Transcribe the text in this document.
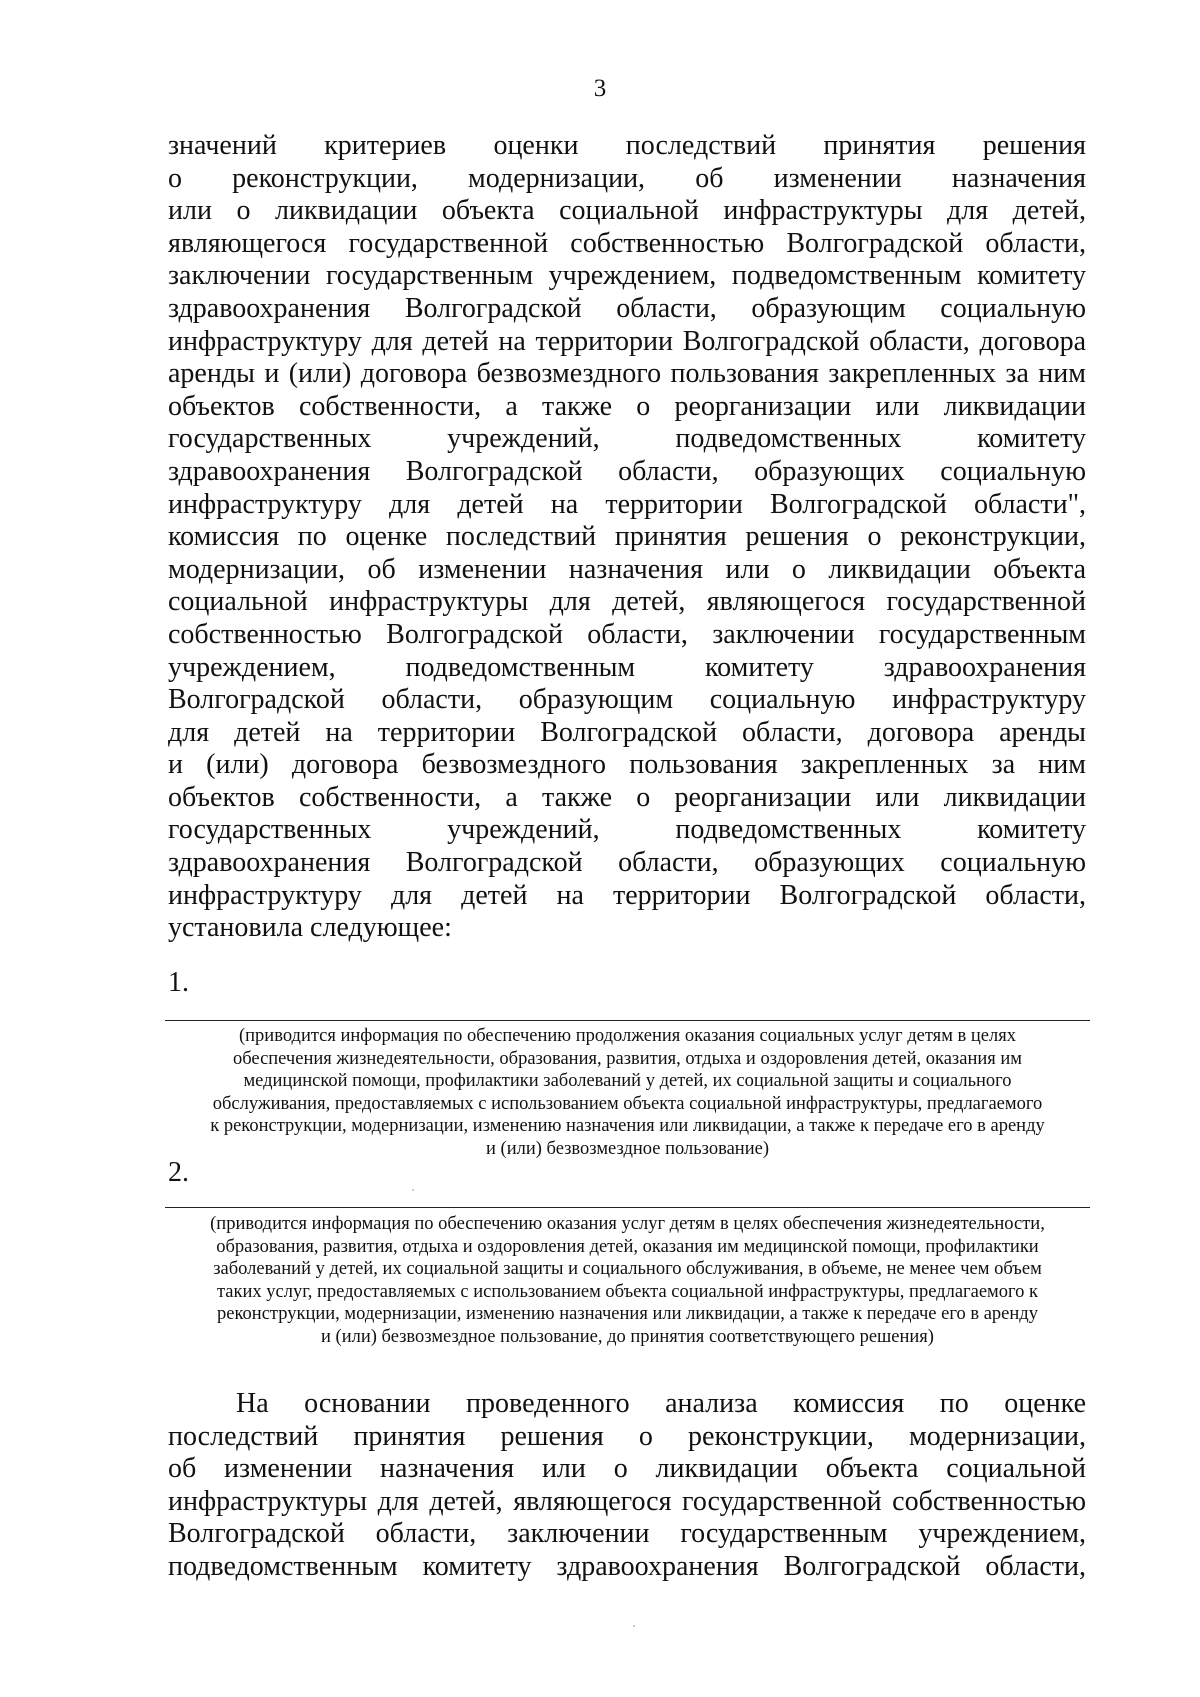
3
значений критериев оценки последствий принятия решения
о реконструкции, модернизации, об изменении назначения
или о ликвидации объекта социальной инфраструктуры для детей,
являющегося государственной собственностью Волгоградской области,
заключении государственным учреждением, подведомственным комитету
здравоохранения Волгоградской области, образующим социальную
инфраструктуру для детей на территории Волгоградской области, договора
аренды и (или) договора безвозмездного пользования закрепленных за ним
объектов собственности, а также о реорганизации или ликвидации
государственных учреждений, подведомственных комитету
здравоохранения Волгоградской области, образующих социальную
инфраструктуру для детей на территории Волгоградской области",
комиссия по оценке последствий принятия решения о реконструкции,
модернизации, об изменении назначения или о ликвидации объекта
социальной инфраструктуры для детей, являющегося государственной
собственностью Волгоградской области, заключении государственным
учреждением, подведомственным комитету здравоохранения
Волгоградской области, образующим социальную инфраструктуру
для детей на территории Волгоградской области, договора аренды
и (или) договора безвозмездного пользования закрепленных за ним
объектов собственности, а также о реорганизации или ликвидации
государственных учреждений, подведомственных комитету
здравоохранения Волгоградской области, образующих социальную
инфраструктуру для детей на территории Волгоградской области,
установила следующее:
1.
(приводится информация по обеспечению продолжения оказания социальных услуг детям в целях
обеспечения жизнедеятельности, образования, развития, отдыха и оздоровления детей, оказания им
медицинской помощи, профилактики заболеваний у детей, их социальной защиты и социального
обслуживания, предоставляемых с использованием объекта социальной инфраструктуры, предлагаемого
к реконструкции, модернизации, изменению назначения или ликвидации, а также к передаче его в аренду
и (или) безвозмездное пользование)
2.
(приводится информация по обеспечению оказания услуг детям в целях обеспечения жизнедеятельности,
образования, развития, отдыха и оздоровления детей, оказания им медицинской помощи, профилактики
заболеваний у детей, их социальной защиты и социального обслуживания, в объеме, не менее чем объем
таких услуг, предоставляемых с использованием объекта социальной инфраструктуры, предлагаемого к
реконструкции, модернизации, изменению назначения или ликвидации, а также к передаче его в аренду
и (или) безвозмездное пользование, до принятия соответствующего решения)
На основании проведенного анализа комиссия по оценке
последствий принятия решения о реконструкции, модернизации,
об изменении назначения или о ликвидации объекта социальной
инфраструктуры для детей, являющегося государственной собственностью
Волгоградской области, заключении государственным учреждением,
подведомственным комитету здравоохранения Волгоградской области,
